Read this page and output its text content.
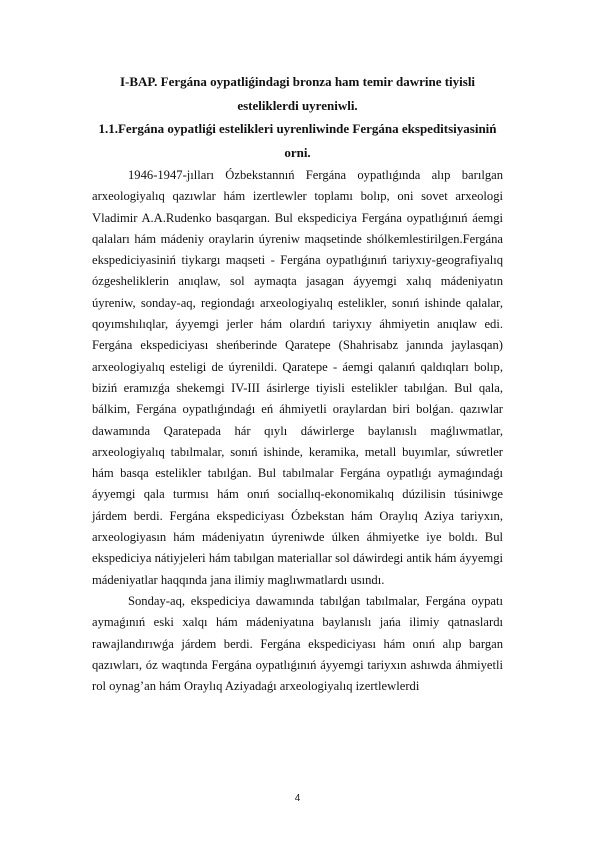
I-BAP. Fergána oypatlіǵіndagi bronza ham temir dawrine tiyisli esteliklerdi uyreniwli.
1.1.Fergána oypatlіǵі estelikleri uyrenliwinde Fergána ekspeditsiyasіniń orni.

1946-1947-jılları Ózbekstannıń Fergána oypatlıǵında alıp barılgan arxeologiyalıq qazıwlar hám izertlewler toplamı bolıp, oni sovet arxeologi Vladimir A.A.Rudenko basqargan. Bul ekspediciya Fergána oypatlıǵınıń áemgi qalaları hám mádeniy oraylarin úyreniw maqsetinde shólkemlestirilgen.Fergána ekspediciyasiniń tiykargı maqseti - Fergána oypatlıǵınıń tariyxıy-geografiyalıq ózgesheliklerin anıqlaw, sol aymaqta jasagan áyyemgi xalıq mádeniyatın úyreniw, sonday-aq, regiondaǵı arxeologiyalıq estelikler, sonıń ishinde qalalar, qoyımshılıqlar, áyyemgi jerler hám olardıń tariyxıy áhmiyetin anıqlaw edi. Fergána ekspediciyası sheńberinde Qaratepe (Shahrisabz janında jaylasqan) arxeologiyalıq esteligi de úyrenildi. Qaratepe - áemgi qalanıń qaldıqları bolıp, biziń eramızǵa shekemgi IV-III ásirlerge tiyisli estelikler tabılǵan. Bul qala, bálkim, Fergána oypatlıǵındaǵı eń áhmiyetli oraylardan biri bolǵan. qazıwlar dawamında Qaratepada hár qıylı dáwirlerge baylanıslı maǵlıwmatlar, arxeologiyalıq tabılmalar, sonıń ishinde, keramika, metall buyımlar, súwretler hám basqa estelikler tabılǵan. Bul tabılmalar Fergána oypatlıǵı aymaǵındaǵı áyyemgi qala turmısı hám onıń sociallıq-ekonomikalıq dúzilisin túsiniwge járdem berdi. Fergána ekspediciyası Ózbekstan hám Oraylıq Aziya tariyxın, arxeologiyasın hám mádeniyatın úyreniwde úlken áhmiyetke iye boldı. Bul ekspediciya nátiyjeleri hám tabılgan materiallar sol dáwirdegi antik hám áyyemgi mádeniyatlar haqqında jana ilimiy maglıwmatlardı usındı.

Sonday-aq, ekspediciya dawamında tabılǵan tabılmalar, Fergána oypatı aymaǵınıń eski xalqı hám mádeniyatına baylanıslı jańa ilimiy qatnaslardı rawajlandırıwǵa járdem berdi. Fergána ekspediciyası hám onıń alıp bargan qazıwları, óz waqtında Fergána oypatlıǵınıń áyyemgi tariyxın ashıwda áhmiyetli rol oynag’an hám Oraylıq Aziyadaǵı arxeologiyalıq izertlewlerdi

4
